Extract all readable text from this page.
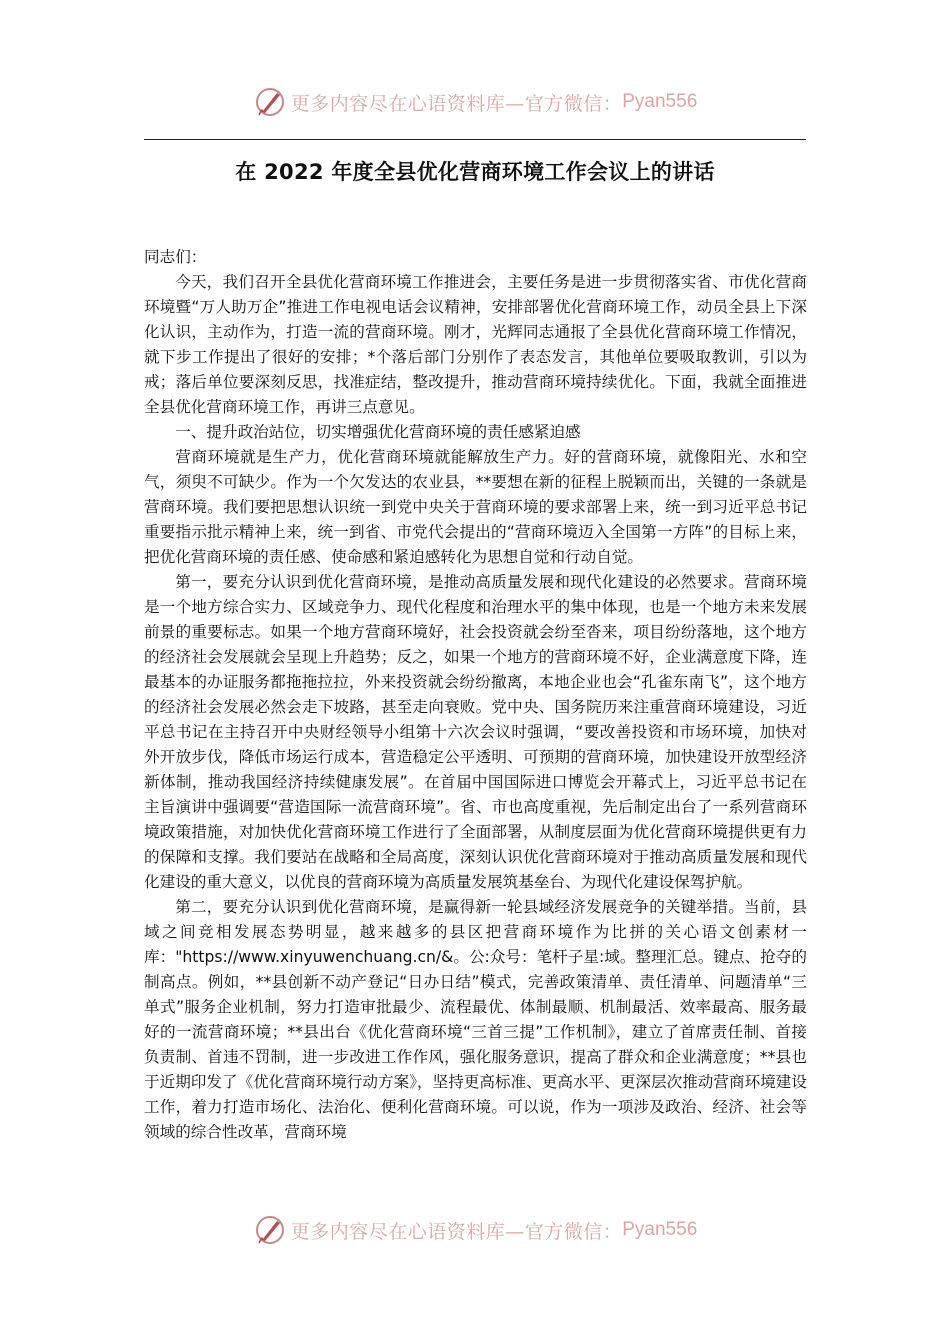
更多内容尽在心语资料库—官方微信： Pyan556
在 2022 年度全县优化营商环境工作会议上的讲话

同志们：

今天，我们召开全县优化营商环境工作推进会，主要任务是进一步贯彻落实省、市优化营商环境暨“万人助万企”推进工作电视电话会议精神，安排部署优化营商环境工作，动员全县上下深化认识，主动作为，打造一流的营商环境。刚才，光辉同志通报了全县优化营商环境工作情况，就下步工作提出了很好的安排；*个落后部门分别作了表态发言，其他单位要吸取教训，引以为戒；落后单位要深刻反思，找准症结，整改提升，推动营商环境持续优化。下面，我就全面推进全县优化营商环境工作，再讲三点意见。

一、提升政治站位，切实增强优化营商环境的责任感紧迫感

营商环境就是生产力，优化营商环境就能解放生产力。好的营商环境，就像阳光、水和空气，须臾不可缺少。作为一个欠发达的农业县，**要想在新的征程上脱颖而出，关键的一条就是营商环境。我们要把思想认识统一到党中央关于营商环境的要求部署上来，统一到习近平总书记重要指示批示精神上来，统一到省、市党代会提出的“营商环境迈入全国第一方阵”的目标上来，把优化营商环境的责任感、使命感和紧迫感转化为思想自觉和行动自觉。

第一，要充分认识到优化营商环境，是推动高质量发展和现代化建设的必然要求。营商环境是一个地方综合实力、区域竞争力、现代化程度和治理水平的集中体现，也是一个地方未来发展前景的重要标志。如果一个地方营商环境好，社会投资就会纷至沓来，项目纷纷落地，这个地方的经济社会发展就会呈现上升趋势；反之，如果一个地方的营商环境不好，企业满意度下降，连最基本的办证服务都拖拖拉拉，外来投资就会纷纷撤离，本地企业也会“孔雀东南飞”，这个地方的经济社会发展必然会走下坡路，甚至走向衰败。党中央、国务院历来注重营商环境建设，习近平总书记在主持召开中央财经领导小组第十六次会议时强调，“要改善投资和市场环境，加快对外开放步伐，降低市场运行成本，营造稳定公平透明、可预期的营商环境，加快建设开放型经济新体制，推动我国经济持续健康发展”。在首届中国国际进口博览会开幕式上，习近平总书记在主旨演讲中强调要“营造国际一流营商环境”。省、市也高度重视，先后制定出台了一系列营商环境政策措施，对加快优化营商环境工作进行了全面部署，从制度层面为优化营商环境提供更有力的保障和支撑。我们要站在战略和全局高度，深刻认识优化营商环境对于推动高质量发展和现代化建设的重大意义，以优良的营商环境为高质量发展筑基垒台、为现代化建设保驾护航。

第二，要充分认识到优化营商环境，是赢得新一轮县域经济发展竞争的关键举措。当前，县域之间竞相发展态势明显，越来越多的县区把营商环境作为比拼的关心语文创素材一库："https://www.xinyuwenchuang.cn/&。公:众号：笔杆子星:域。整理汇总。键点、抢夺的制高点。例如，**县创新不动产登记“日办日结”模式，完善政策清单、责任清单、问题清单“三单式”服务企业机制，努力打造审批最少、流程最优、体制最顺、机制最活、效率最高、服务最好的一流营商环境；**县出台《优化营商环境“三首三提”工作机制》，建立了首席责任制、首接负责制、首违不罚制，进一步改进工作作风，强化服务意识，提高了群众和企业满意度；**县也于近期印发了《优化营商环境行动方案》，坚持更高标准、更高水平、更深层次推动营商环境建设工作，着力打造市场化、法治化、便利化营商环境。可以说，作为一项涉及政治、经济、社会等领域的综合性改革，营商环境

更多内容尽在心语资料库—官方微信： Pyan556
